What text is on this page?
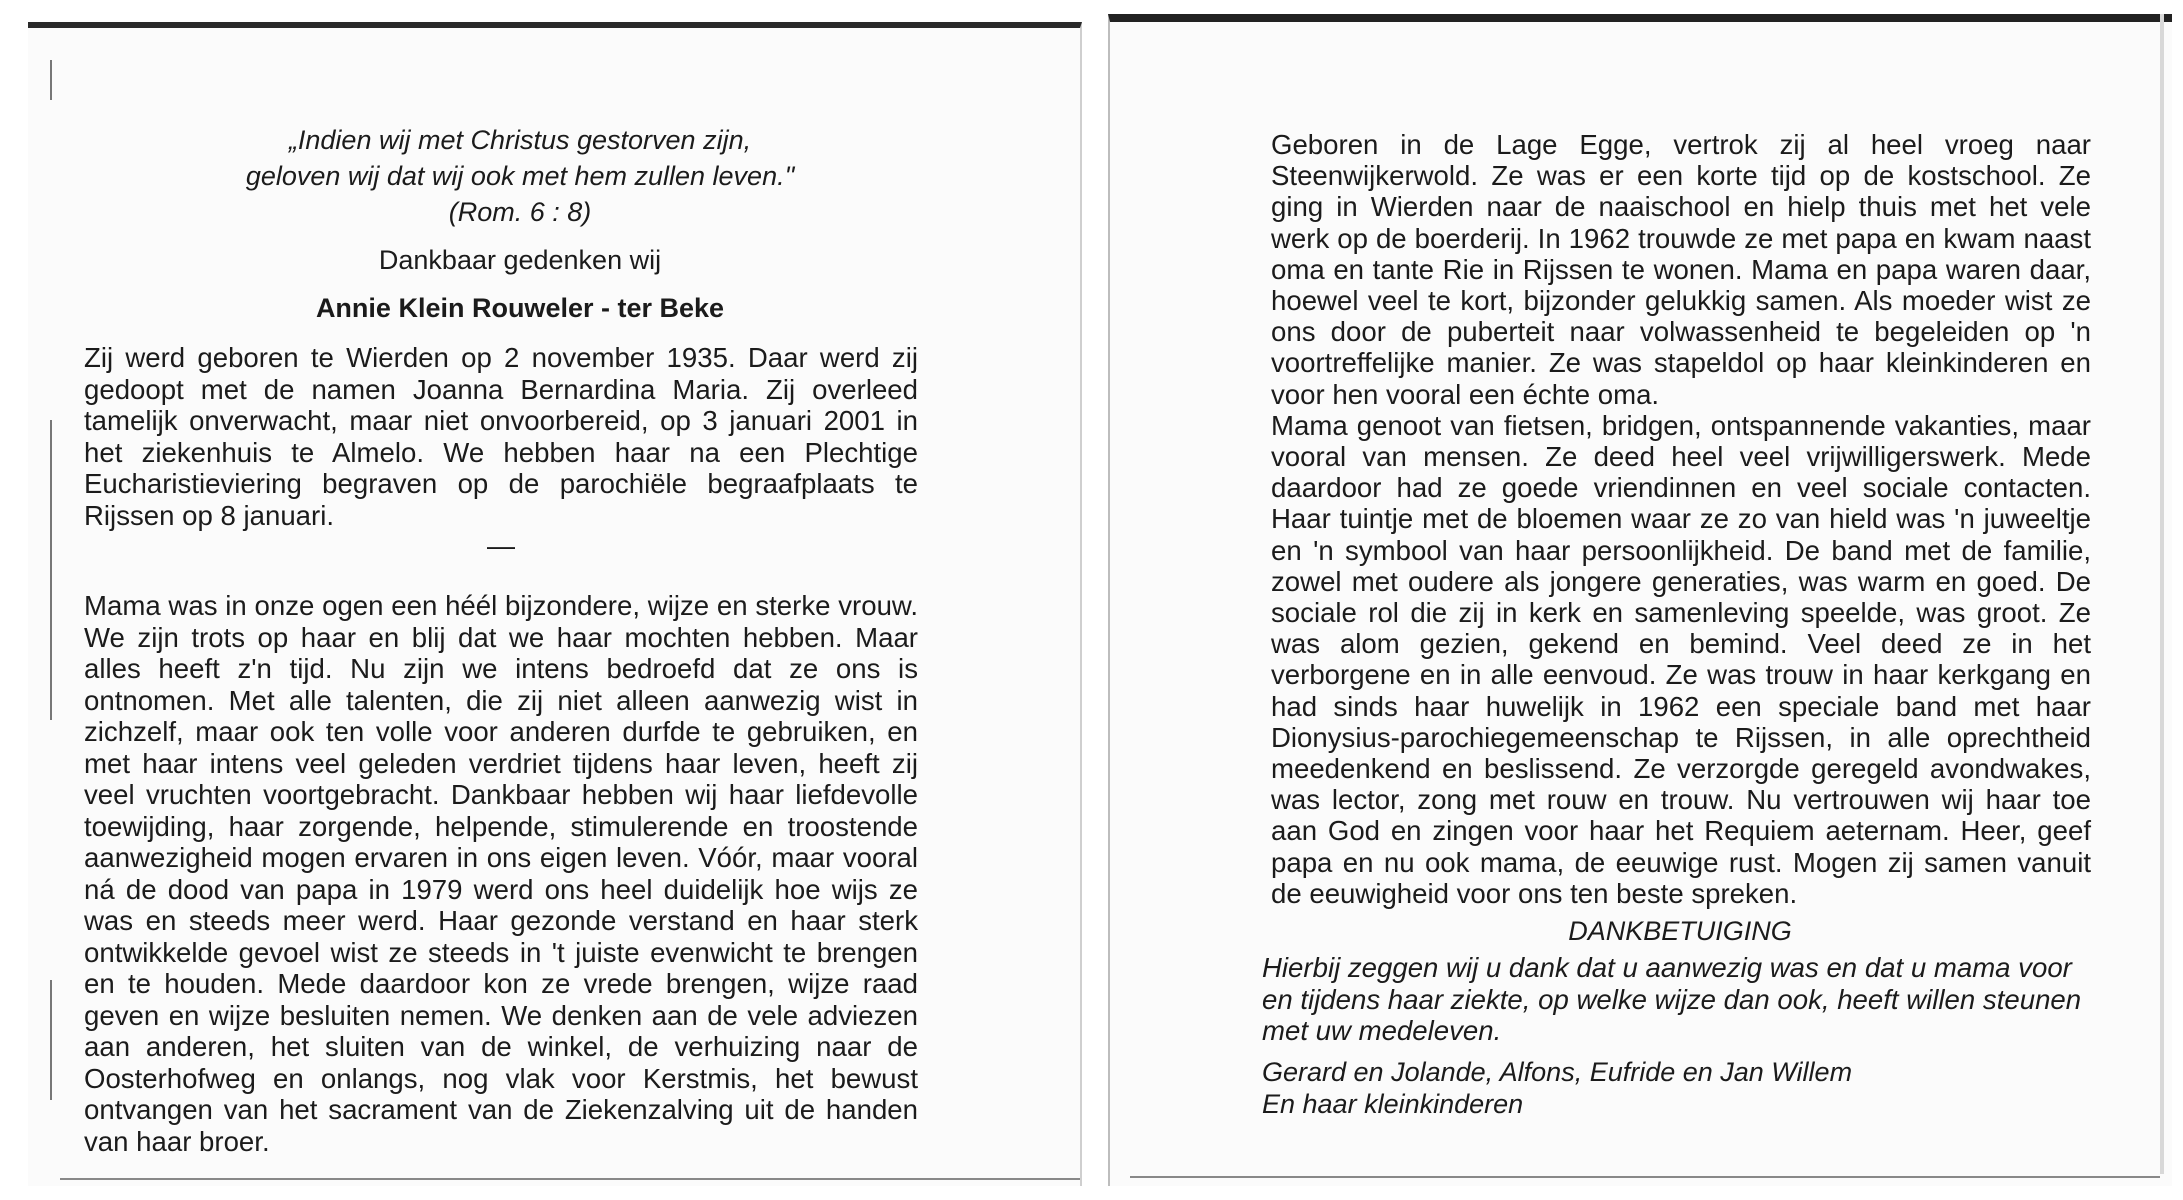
„Indien wij met Christus gestorven zijn,
geloven wij dat wij ook met hem zullen leven."
(Rom. 6 : 8)
Dankbaar gedenken wij
Annie Klein Rouweler - ter Beke
Zij werd geboren te Wierden op 2 november 1935. Daar werd zij gedoopt met de namen Joanna Bernardina Maria. Zij overleed tamelijk onverwacht, maar niet onvoorbereid, op 3 januari 2001 in het ziekenhuis te Almelo. We hebben haar na een Plechtige Eucharistieviering begraven op de parochiële begraafplaats te Rijssen op 8 januari.
—
Mama was in onze ogen een héél bijzondere, wijze en sterke vrouw. We zijn trots op haar en blij dat we haar mochten hebben. Maar alles heeft z'n tijd. Nu zijn we intens bedroefd dat ze ons is ontnomen. Met alle talenten, die zij niet alleen aanwezig wist in zichzelf, maar ook ten volle voor anderen durfde te gebruiken, en met haar intens veel geleden verdriet tijdens haar leven, heeft zij veel vruchten voortgebracht. Dankbaar hebben wij haar liefdevolle toewijding, haar zorgende, helpende, stimulerende en troostende aanwezigheid mogen ervaren in ons eigen leven. Vóór, maar vooral ná de dood van papa in 1979 werd ons heel duidelijk hoe wijs ze was en steeds meer werd. Haar gezonde verstand en haar sterk ontwikkelde gevoel wist ze steeds in 't juiste evenwicht te brengen en te houden. Mede daardoor kon ze vrede brengen, wijze raad geven en wijze besluiten nemen. We denken aan de vele adviezen aan anderen, het sluiten van de winkel, de verhuizing naar de Oosterhofweg en onlangs, nog vlak voor Kerstmis, het bewust ontvangen van het sacrament van de Ziekenzalving uit de handen van haar broer.
Geboren in de Lage Egge, vertrok zij al heel vroeg naar Steenwijkerwold. Ze was er een korte tijd op de kostschool. Ze ging in Wierden naar de naaischool en hielp thuis met het vele werk op de boerderij. In 1962 trouwde ze met papa en kwam naast oma en tante Rie in Rijssen te wonen. Mama en papa waren daar, hoewel veel te kort, bijzonder gelukkig samen. Als moeder wist ze ons door de puberteit naar volwassenheid te begeleiden op 'n voortreffelijke manier. Ze was stapeldol op haar kleinkinderen en voor hen vooral een échte oma.
Mama genoot van fietsen, bridgen, ontspannende vakanties, maar vooral van mensen. Ze deed heel veel vrijwilligerswerk. Mede daardoor had ze goede vriendinnen en veel sociale contacten. Haar tuintje met de bloemen waar ze zo van hield was 'n juweeltje en 'n symbool van haar persoonlijkheid. De band met de familie, zowel met oudere als jongere generaties, was warm en goed. De sociale rol die zij in kerk en samenleving speelde, was groot. Ze was alom gezien, gekend en bemind. Veel deed ze in het verborgene en in alle eenvoud. Ze was trouw in haar kerkgang en had sinds haar huwelijk in 1962 een speciale band met haar Dionysius-parochiegemeenschap te Rijssen, in alle oprechtheid meedenkend en beslissend. Ze verzorgde geregeld avondwakes, was lector, zong met rouw en trouw. Nu vertrouwen wij haar toe aan God en zingen voor haar het Requiem aeternam. Heer, geef papa en nu ook mama, de eeuwige rust. Mogen zij samen vanuit de eeuwigheid voor ons ten beste spreken.
DANKBETUIGING
Hierbij zeggen wij u dank dat u aanwezig was en dat u mama voor en tijdens haar ziekte, op welke wijze dan ook, heeft willen steunen met uw medeleven.
Gerard en Jolande, Alfons, Eufride en Jan Willem
En haar kleinkinderen
